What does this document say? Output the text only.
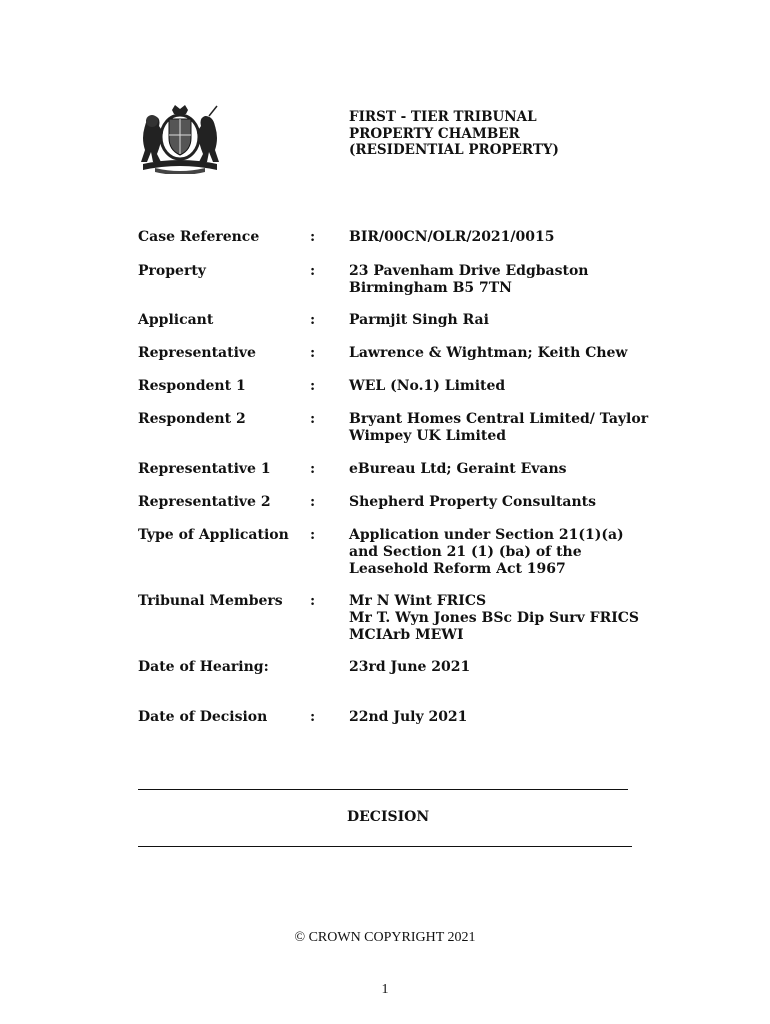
FIRST - TIER TRIBUNAL
PROPERTY CHAMBER
(RESIDENTIAL PROPERTY)
Case Reference	: BIR/00CN/OLR/2021/0015
Property	: 23 Pavenham Drive Edgbaston
Birmingham B5 7TN
Applicant	: Parmjit Singh Rai
Representative	: Lawrence & Wightman; Keith Chew
Respondent 1	: WEL (No.1) Limited
Respondent 2	: Bryant Homes Central Limited/ Taylor
Wimpey UK Limited
Representative 1	: eBureau Ltd; Geraint Evans
Representative 2	: Shepherd Property Consultants
Type of Application : Application under Section 21(1)(a)
and Section 21 (1) (ba) of the
Leasehold Reform Act 1967
Tribunal Members : Mr N Wint FRICS
Mr T. Wyn Jones BSc Dip Surv FRICS
MCIArb MEWI
Date of Hearing:	23rd June 2021
Date of Decision	: 22nd July 2021
DECISION
© CROWN COPYRIGHT 2021
1
